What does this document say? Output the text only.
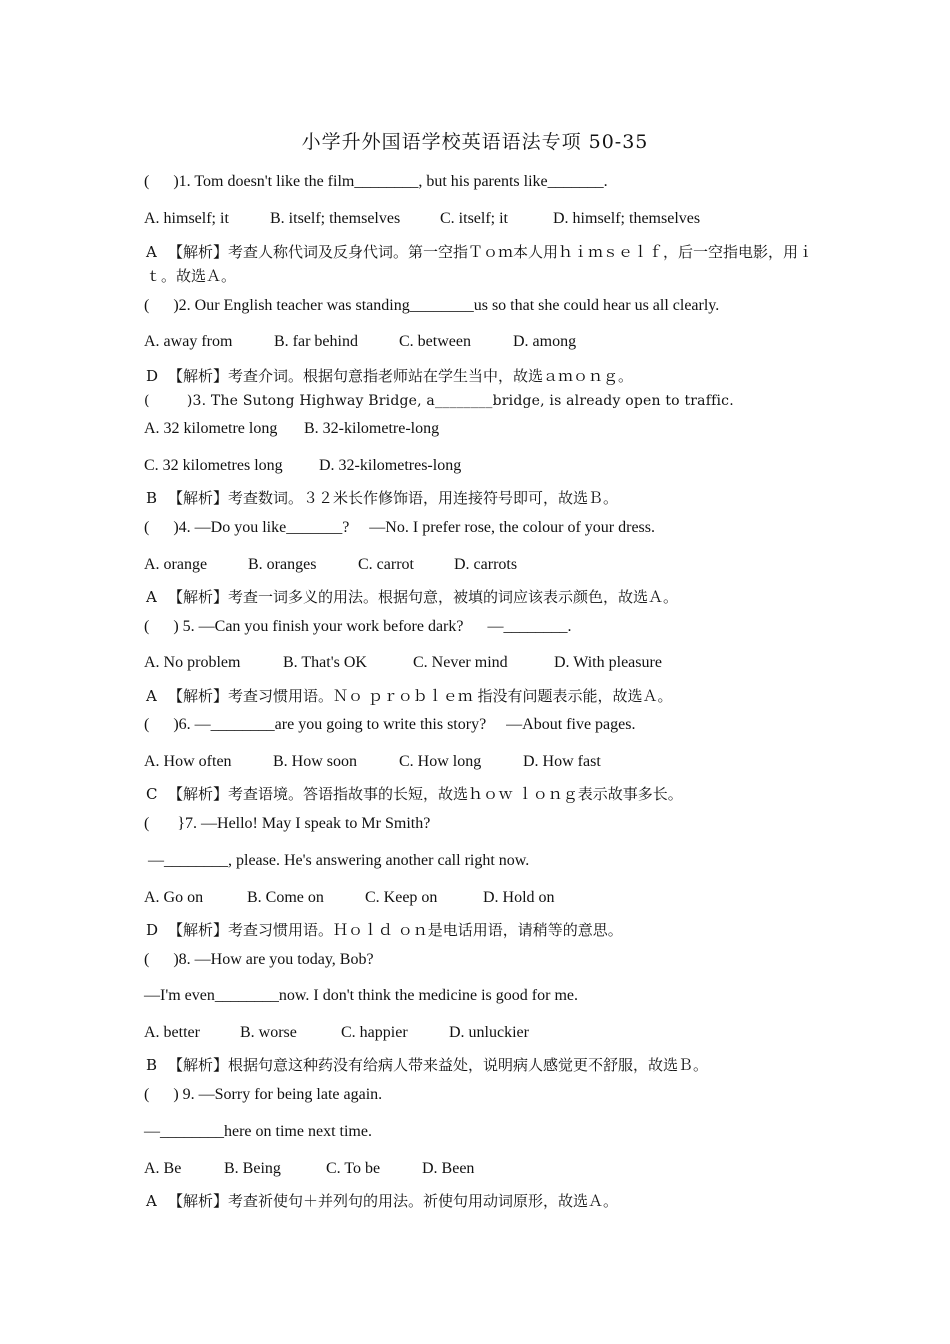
小学升外国语学校英语语法专项 50-35
(      )1. Tom doesn't like the film________, but his parents like_______.
A. himself; it	B. itself; themselves C. itself; it	D. himself; themselves
A 【解析】考查人称代词及反身代词。第一空指Ｔｏｍ本人用ｈｉｍｓｅｌｆ，后一空指电影，用ｉｔ。故选Ａ。
(      )2. Our English teacher was standing________us so that she could hear us all clearly.
A. away from	B. far behind	C. between	D. among
D 【解析】考查介词。根据句意指老师站在学生当中，故选ａｍｏｎｇ。
(        )3. The Sutong Highway Bridge, a________bridge, is already open to traffic.
A. 32 kilometre long B. 32-kilometre-long
C. 32 kilometres long D. 32-kilometres-long
B 【解析】考查数词。３２米长作修饰语，用连接符号即可，故选Ｂ。
(      )4. —Do you like_______?     —No. I prefer rose, the colour of your dress.
A. orange	B. oranges	C. carrot	D. carrots
A 【解析】考查一词多义的用法。根据句意，被填的词应该表示颜色，故选Ａ。
(      ) 5. —Can you finish your work before dark?      —________.
A. No problem	B. That's OK	C. Never mind	D. With pleasure
A 【解析】考查习惯用语。Ｎｏ ｐｒｏｂｌｅｍ 指没有问题表示能，故选Ａ。
(      )6. —________are you going to write this story?     —About five pages.
A. How often	B. How soon	C. How long	D. How fast
C 【解析】考查语境。答语指故事的长短，故选ｈｏｗ ｌｏｎｇ表示故事多长。
(       }7. —Hello! May I speak to Mr Smith?
—________, please. He's answering another call right now.
A. Go on	B. Come on	C. Keep on	D. Hold on
D 【解析】考查习惯用语。Ｈｏｌｄ ｏｎ是电话用语，请稍等的意思。
(      )8. —How are you today, Bob?
—I'm even________now. I don't think the medicine is good for me.
A. better	B. worse	C. happier	D. unluckier
B 【解析】根据句意这种药没有给病人带来益处，说明病人感觉更不舒服，故选Ｂ。
(      ) 9. —Sorry for being late again.
—________here on time next time.
A. Be	B. Being	C. To be	D. Been
A 【解析】考查祈使句＋并列句的用法。祈使句用动词原形，故选Ａ。
